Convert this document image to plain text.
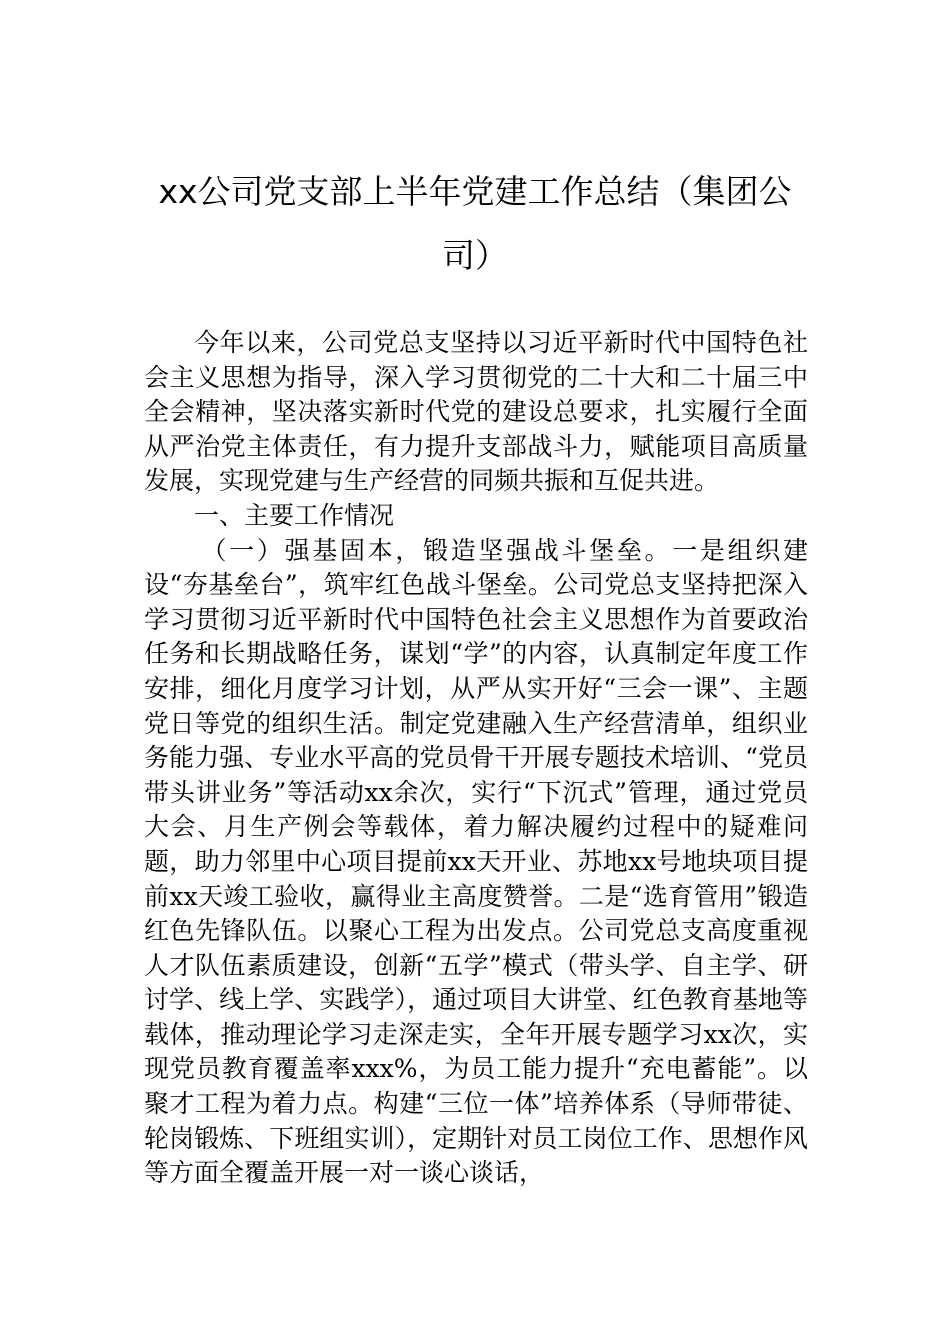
xx公司党支部上半年党建工作总结（集团公司）

今年以来，公司党总支坚持以习近平新时代中国特色社会主义思想为指导，深入学习贯彻党的二十大和二十届三中全会精神，坚决落实新时代党的建设总要求，扎实履行全面从严治党主体责任，有力提升支部战斗力，赋能项目高质量发展，实现党建与生产经营的同频共振和互促共进。

一、主要工作情况

（一）强基固本，锻造坚强战斗堡垒。一是组织建设“夯基垒台”，筑牢红色战斗堡垒。公司党总支坚持把深入学习贯彻习近平新时代中国特色社会主义思想作为首要政治任务和长期战略任务，谋划“学”的内容，认真制定年度工作安排，细化月度学习计划，从严从实开好“三会一课”、主题党日等党的组织生活。制定党建融入生产经营清单，组织业务能力强、专业水平高的党员骨干开展专题技术培训、“党员带头讲业务”等活动xx余次，实行“下沉式”管理，通过党员大会、月生产例会等载体，着力解决履约过程中的疑难问题，助力邻里中心项目提前xx天开业、苏地xx号地块项目提前xx天竣工验收，赢得业主高度赞誉。二是“选育管用”锻造红色先锋队伍。以聚心工程为出发点。公司党总支高度重视人才队伍素质建设，创新“五学”模式（带头学、自主学、研讨学、线上学、实践学），通过项目大讲堂、红色教育基地等载体，推动理论学习走深走实，全年开展专题学习xx次，实现党员教育覆盖率xxx%，为员工能力提升“充电蓄能”。以聚才工程为着力点。构建“三位一体”培养体系（导师带徒、轮岗锻炼、下班组实训），定期针对员工岗位工作、思想作风等方面全覆盖开展一对一谈心谈话，
